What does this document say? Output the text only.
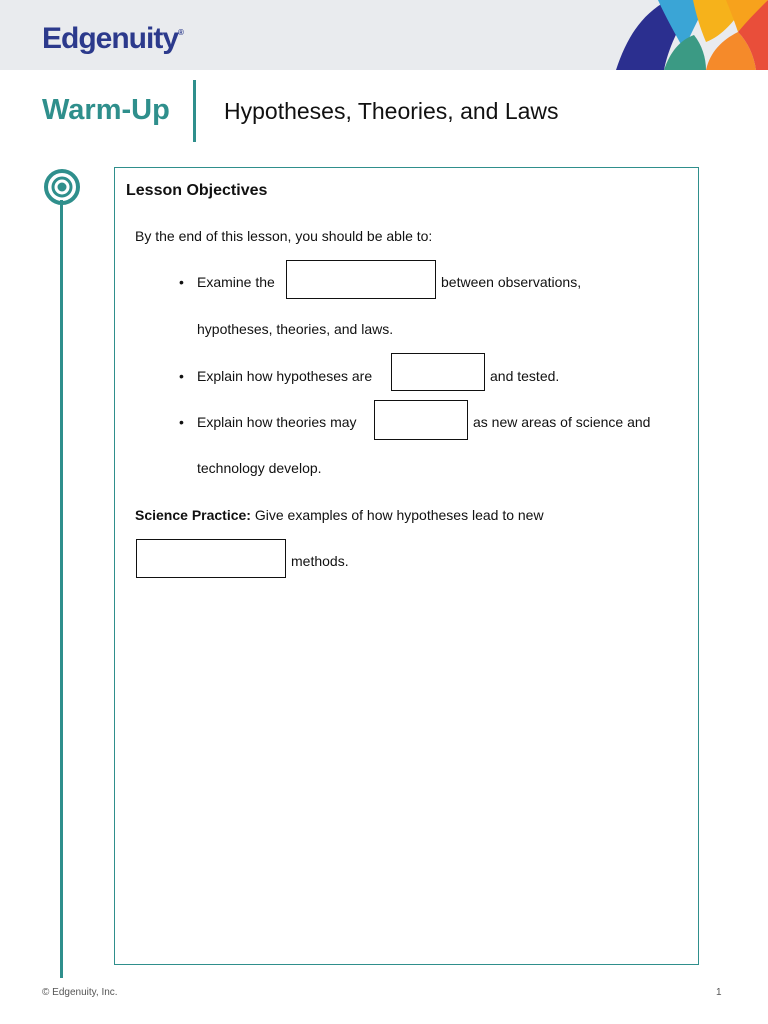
Edgenuity®
Warm-Up Hypotheses, Theories, and Laws
Lesson Objectives
By the end of this lesson, you should be able to:
• Examine the	between observations,
hypotheses, theories, and laws.
• Explain how hypotheses are	and tested.
• Explain how theories may	as new areas of science and
technology develop.
Science Practice: Give examples of how hypotheses lead to new
methods.
© Edgenuity, Inc.	1
